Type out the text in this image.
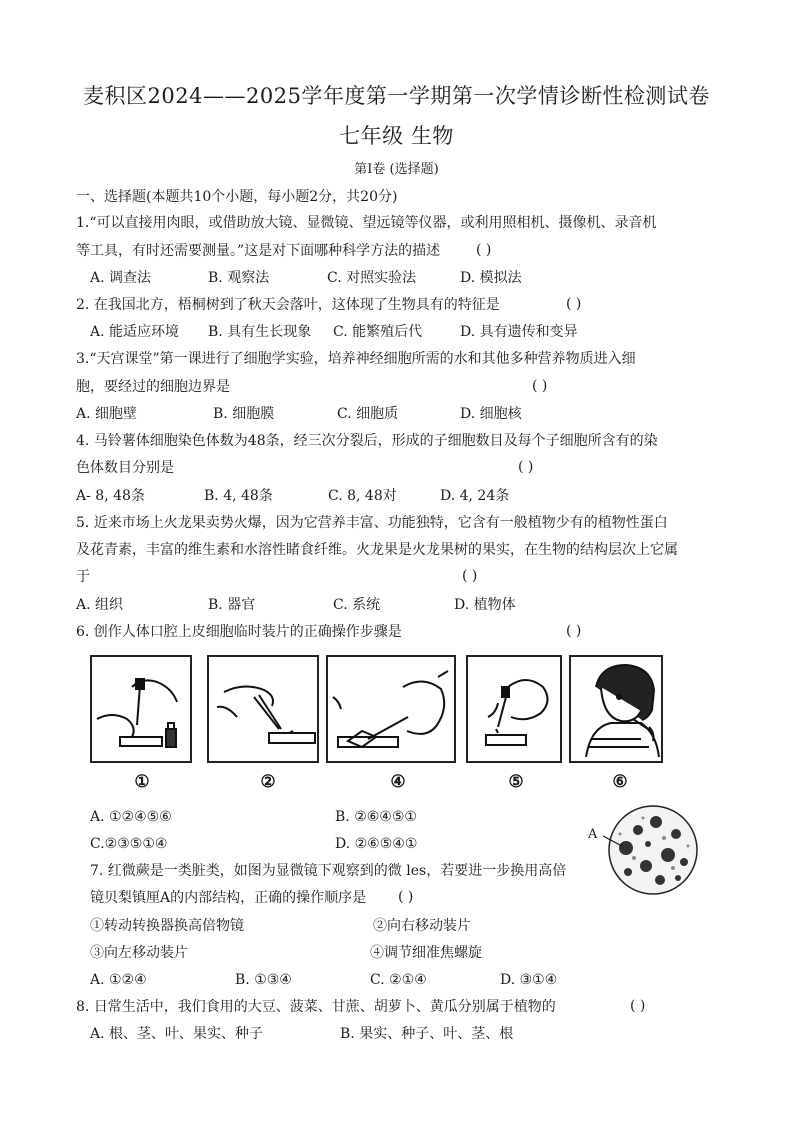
麦积区2024——2025学年度第一学期第一次学情诊断性检测试卷
七年级 生物
第Ⅰ卷 (选择题)
一、选择题(本题共10个小题，每小题2分，共20分)
1.“可以直接用肉眼，或借助放大镜、显微镜、望远镜等仪器，或利用照相机、摄像机、录音机
等工具，有时还需要测量。”这是对下面哪种科学方法的描述	( )
A. 调查法	B. 观察法	C. 对照实验法	D. 模拟法
2. 在我国北方，梧桐树到了秋天会落叶，这体现了生物具有的特征是	( )
A. 能适应环境 B. 具有生长现象 C. 能繁殖后代	D. 具有遗传和变异
3.“天宫课堂”第一课进行了细胞学实验，培养神经细胞所需的水和其他多种营养物质进入细
胞，要经过的细胞边界是	( )
A. 细胞壁	B. 细胞膜	C. 细胞质	D. 细胞核
4. 马铃薯体细胞染色体数为48条，经三次分裂后，形成的子细胞数目及每个子细胞所含有的染
色体数目分别是	( )
A- 8, 48条	B. 4, 48条	C. 8, 48对	D. 4, 24条
5. 近来市场上火龙果卖势火爆，因为它营养丰富、功能独特，它含有一般植物少有的植物性蛋白
及花青素，丰富的维生素和水溶性睹食纤维。火龙果是火龙果树的果实，在生物的结构层次上它属
于	( )
A. 组织	B. 器官	C. 系统	D. 植物体
6. 创作人体口腔上皮细胞临时装片的正确操作步骤是	( )
①	②	④	⑤	⑥
A. ①②④⑤⑥	B. ②⑥④⑤①
C.②③⑤①④	D. ②⑥⑤④①
A
7. 红微蕨是一类脏类，如图为显微镜下观察到的微 les，若要进一步换用高倍
镜贝梨镇厘A的内部结构，正确的操作顺序是 ( )
①转动转换器换高倍物镜	②向右移动装片
③向左移动装片	④调节细准焦螺旋
A. ①②④	B. ①③④	C. ②①④	D. ③①④
8. 日常生活中，我们食用的大豆、菠菜、甘蔗、胡萝卜、黄瓜分别属于植物的	( )
A. 根、茎、叶、果实、种子	B. 果实、种子、叶、茎、根
